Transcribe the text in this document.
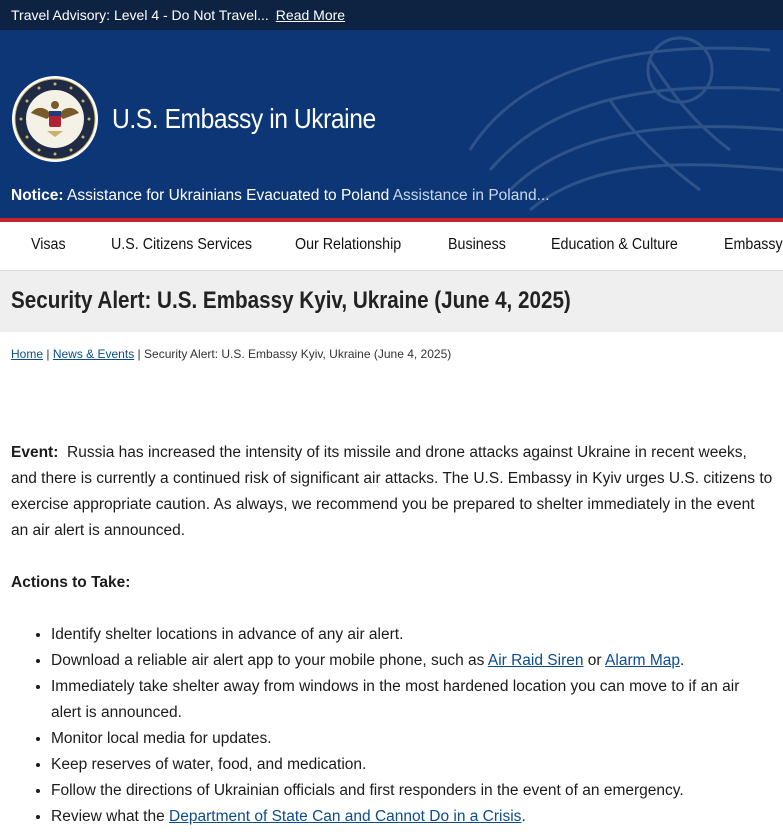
Travel Advisory: Level 4 - Do Not Travel... Read More
U.S. Embassy in Ukraine
Notice: Assistance for Ukrainians Evacuated to Poland Assistance in Poland...
Visas	U.S. Citizens Services	Our Relationship	Business	Education & Culture	Embassy
Security Alert: U.S. Embassy Kyiv, Ukraine (June 4, 2025)
Home | News & Events | Security Alert: U.S. Embassy Kyiv, Ukraine (June 4, 2025)

Event: Russia has increased the intensity of its missile and drone attacks against Ukraine in recent weeks, and there is currently a continued risk of significant air attacks. The U.S. Embassy in Kyiv urges U.S. citizens to exercise appropriate caution. As always, we recommend you be prepared to shelter immediately in the event an air alert is announced.

Actions to Take:

• Identify shelter locations in advance of any air alert.
• Download a reliable air alert app to your mobile phone, such as Air Raid Siren or Alarm Map.
• Immediately take shelter away from windows in the most hardened location you can move to if an air alert is announced.
• Monitor local media for updates.
• Keep reserves of water, food, and medication.
• Follow the directions of Ukrainian officials and first responders in the event of an emergency.
• Review what the Department of State Can and Cannot Do in a Crisis.
